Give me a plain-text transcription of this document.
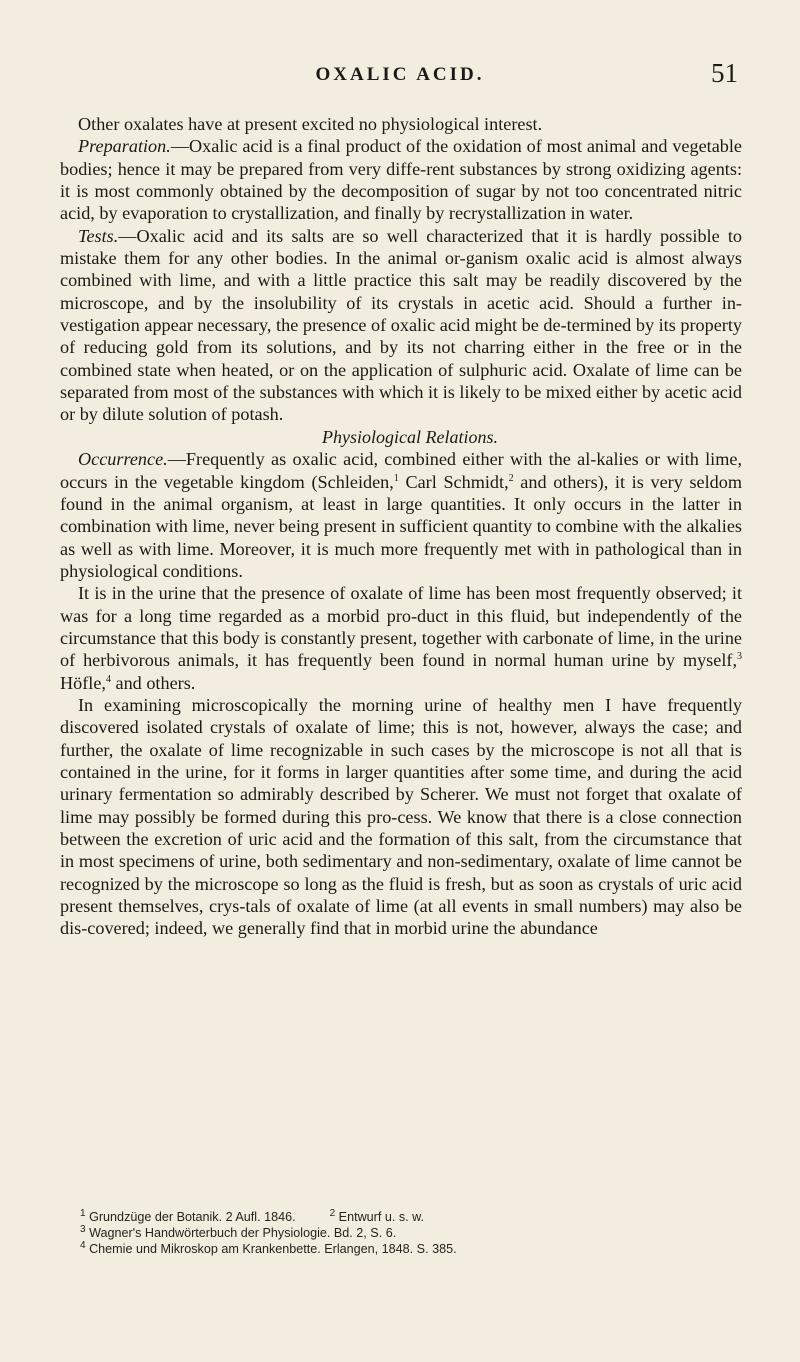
OXALIC ACID.	51

Other oxalates have at present excited no physiological interest.

Preparation.—Oxalic acid is a final product of the oxidation of most animal and vegetable bodies; hence it may be prepared from very diffe-rent substances by strong oxidizing agents: it is most commonly obtained by the decomposition of sugar by not too concentrated nitric acid, by evaporation to crystallization, and finally by recrystallization in water.

Tests.—Oxalic acid and its salts are so well characterized that it is hardly possible to mistake them for any other bodies. In the animal or-ganism oxalic acid is almost always combined with lime, and with a little practice this salt may be readily discovered by the microscope, and by the insolubility of its crystals in acetic acid. Should a further in-vestigation appear necessary, the presence of oxalic acid might be de-termined by its property of reducing gold from its solutions, and by its not charring either in the free or in the combined state when heated, or on the application of sulphuric acid. Oxalate of lime can be separated from most of the substances with which it is likely to be mixed either by acetic acid or by dilute solution of potash.

Physiological Relations.

Occurrence.—Frequently as oxalic acid, combined either with the al-kalies or with lime, occurs in the vegetable kingdom (Schleiden,$^1$ Carl Schmidt,$^2$ and others), it is very seldom found in the animal organism, at least in large quantities. It only occurs in the latter in combination with lime, never being present in sufficient quantity to combine with the alkalies as well as with lime. Moreover, it is much more frequently met with in pathological than in physiological conditions.

It is in the urine that the presence of oxalate of lime has been most frequently observed; it was for a long time regarded as a morbid pro-duct in this fluid, but independently of the circumstance that this body is constantly present, together with carbonate of lime, in the urine of herbivorous animals, it has frequently been found in normal human urine by myself,$^3$ Höfle,$^4$ and others.

In examining microscopically the morning urine of healthy men I have frequently discovered isolated crystals of oxalate of lime; this is not, however, always the case; and further, the oxalate of lime recognizable in such cases by the microscope is not all that is contained in the urine, for it forms in larger quantities after some time, and during the acid urinary fermentation so admirably described by Scherer. We must not forget that oxalate of lime may possibly be formed during this pro-cess. We know that there is a close connection between the excretion of uric acid and the formation of this salt, from the circumstance that in most specimens of urine, both sedimentary and non-sedimentary, oxalate of lime cannot be recognized by the microscope so long as the fluid is fresh, but as soon as crystals of uric acid present themselves, crys-tals of oxalate of lime (at all events in small numbers) may also be dis-covered; indeed, we generally find that in morbid urine the abundance

$^1$ Grundzüge der Botanik. 2 Aufl. 1846.	$^2$ Entwurf u. s. w.
$^3$ Wagner's Handwörterbuch der Physiologie. Bd. 2, S. 6.
$^4$ Chemie und Mikroskop am Krankenbette. Erlangen, 1848. S. 385.
